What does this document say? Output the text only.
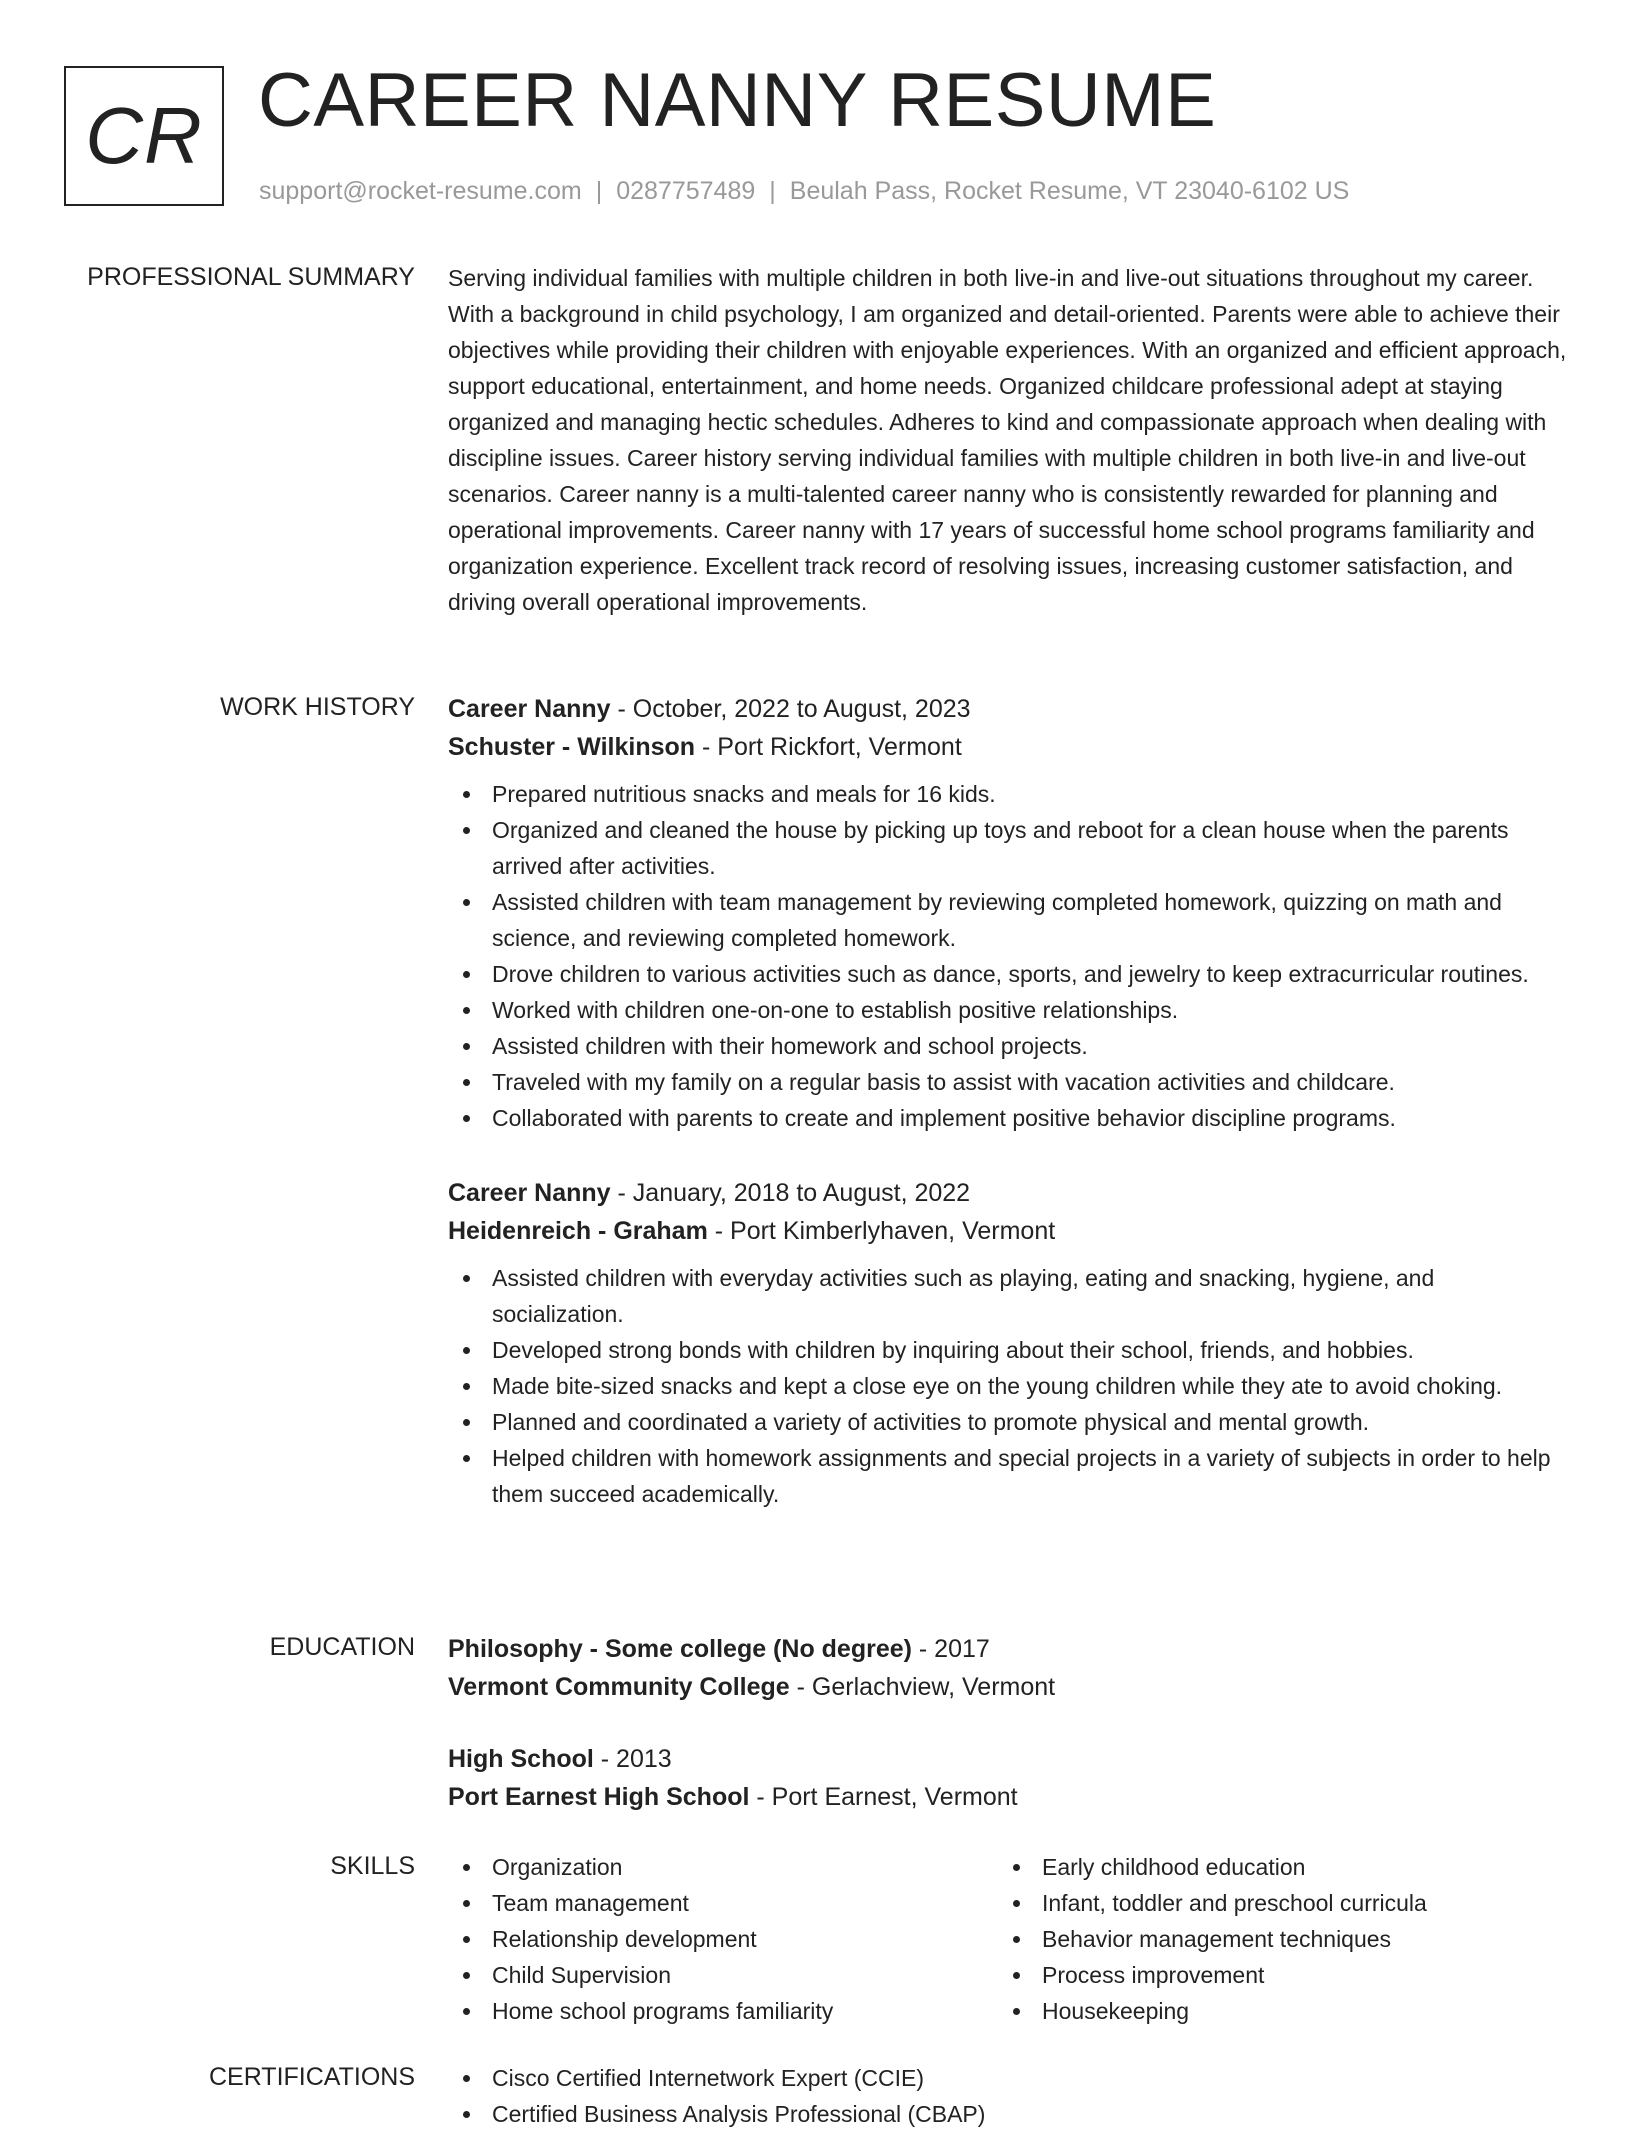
CR CAREER NANNY RESUME
support@rocket-resume.com | 0287757489 | Beulah Pass, Rocket Resume, VT 23040-6102 US
PROFESSIONAL SUMMARY Serving individual families with multiple children in both live-in and live-out situations throughout my career. With a background in child psychology, I am organized and detail-oriented. Parents were able to achieve their objectives while providing their children with enjoyable experiences. With an organized and efficient approach, support educational, entertainment, and home needs. Organized childcare professional adept at staying organized and managing hectic schedules. Adheres to kind and compassionate approach when dealing with discipline issues. Career history serving individual families with multiple children in both live-in and live-out scenarios. Career nanny is a multi-talented career nanny who is consistently rewarded for planning and operational improvements. Career nanny with 17 years of successful home school programs familiarity and organization experience. Excellent track record of resolving issues, increasing customer satisfaction, and driving overall operational improvements.

WORK HISTORY Career Nanny - October, 2022 to August, 2023
Schuster - Wilkinson - Port Rickfort, Vermont
Prepared nutritious snacks and meals for 16 kids.
Organized and cleaned the house by picking up toys and reboot for a clean house when the parents arrived after activities.
Assisted children with team management by reviewing completed homework, quizzing on math and science, and reviewing completed homework.
Drove children to various activities such as dance, sports, and jewelry to keep extracurricular routines.
Worked with children one-on-one to establish positive relationships.
Assisted children with their homework and school projects.
Traveled with my family on a regular basis to assist with vacation activities and childcare.
Collaborated with parents to create and implement positive behavior discipline programs.
Career Nanny - January, 2018 to August, 2022
Heidenreich - Graham - Port Kimberlyhaven, Vermont
Assisted children with everyday activities such as playing, eating and snacking, hygiene, and socialization.
Developed strong bonds with children by inquiring about their school, friends, and hobbies.
Made bite-sized snacks and kept a close eye on the young children while they ate to avoid choking.
Planned and coordinated a variety of activities to promote physical and mental growth.
Helped children with homework assignments and special projects in a variety of subjects in order to help them succeed academically.
EDUCATION Philosophy - Some college (No degree) - 2017
Vermont Community College - Gerlachview, Vermont
High School - 2013
Port Earnest High School - Port Earnest, Vermont
SKILLS	Organization
Team management
Relationship development
Child Supervision
Home school programs familiarity
Early childhood education
Infant, toddler and preschool curricula
Behavior management techniques
Process improvement
Housekeeping
CERTIFICATIONS	Cisco Certified Internetwork Expert (CCIE)
Certified Business Analysis Professional (CBAP)
